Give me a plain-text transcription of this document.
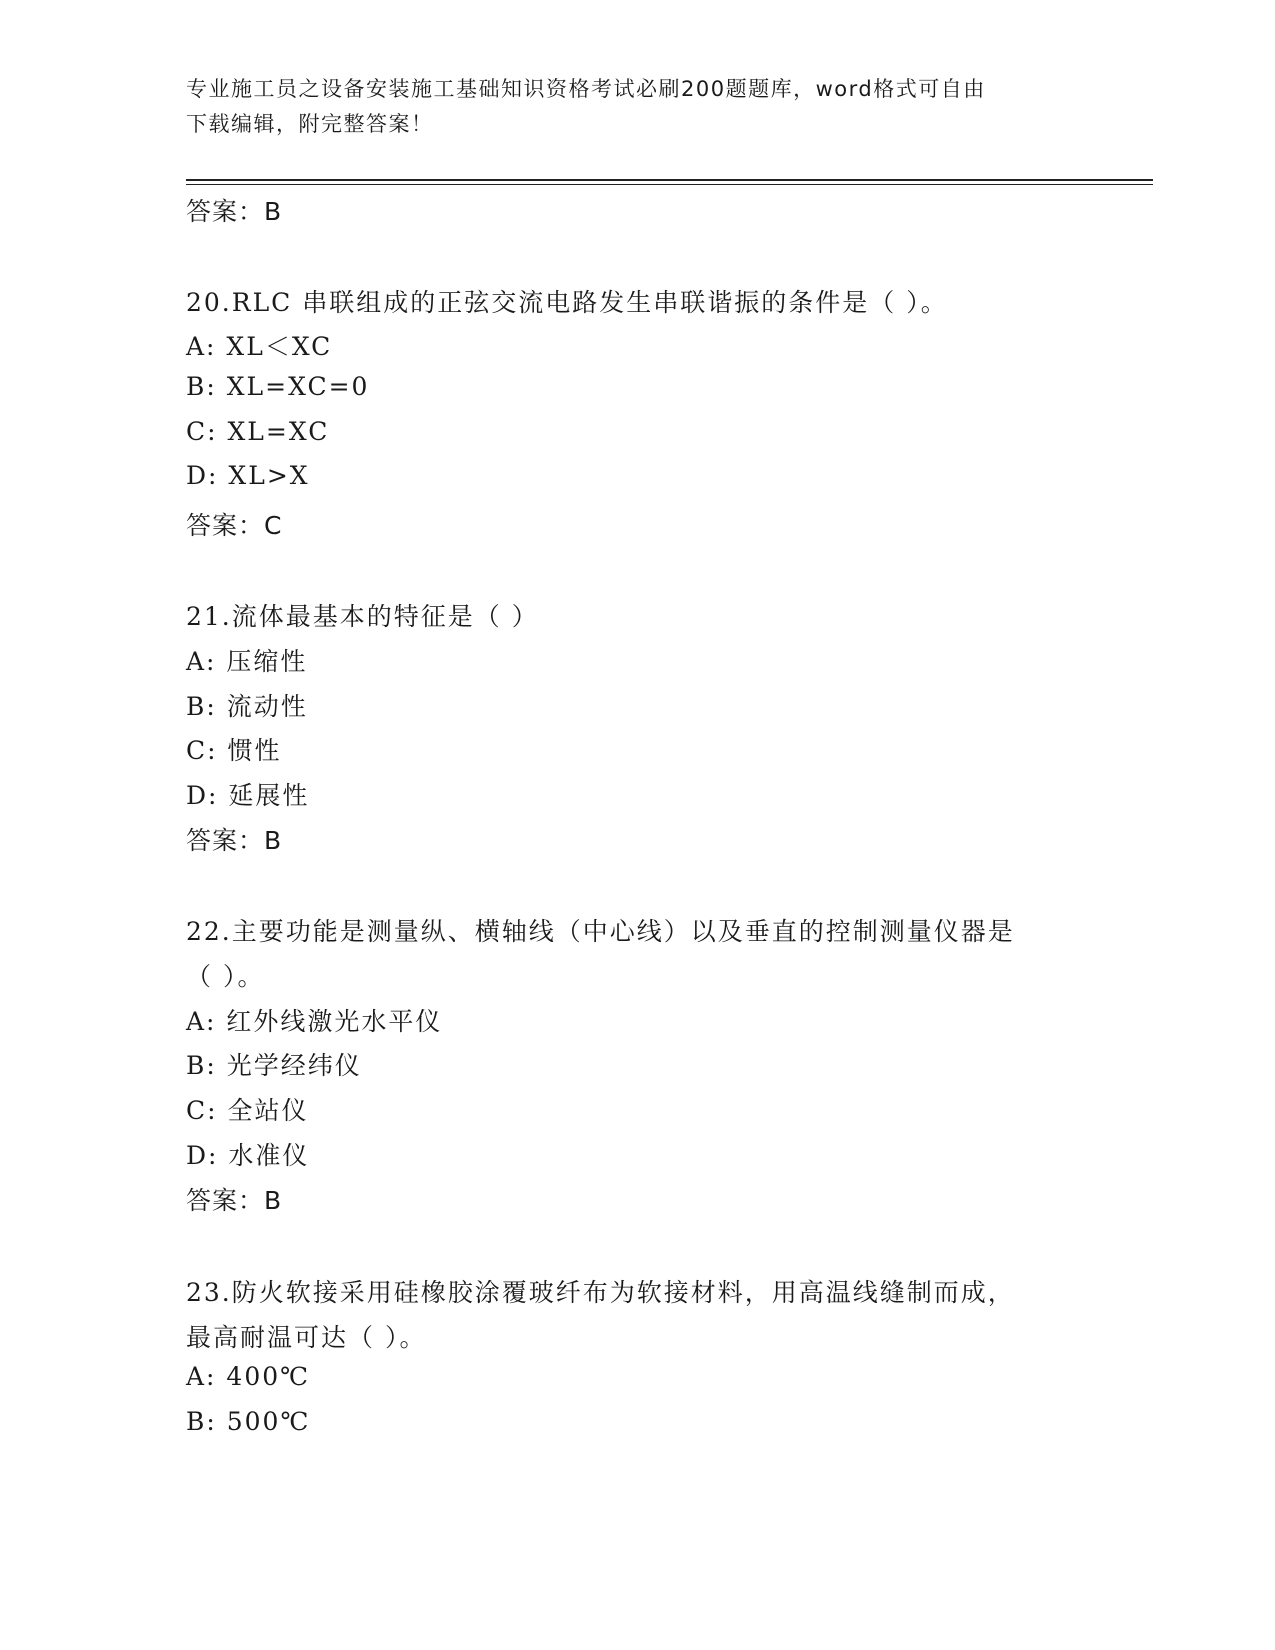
专业施工员之设备安装施工基础知识资格考试必刷200题题库，word格式可自由
下载编辑，附完整答案！
答案：B
20.RLC 串联组成的正弦交流电路发生串联谐振的条件是（ ）。
A: XL＜XC
B: XL=XC=0
C: XL=XC
D: XL>X
答案：C
21.流体最基本的特征是（ ）
A: 压缩性
B: 流动性
C: 惯性
D: 延展性
答案：B
22.主要功能是测量纵、横轴线（中心线）以及垂直的控制测量仪器是
（ ）。
A: 红外线激光水平仪
B: 光学经纬仪
C: 全站仪
D: 水准仪
答案：B
23.防火软接采用硅橡胶涂覆玻纤布为软接材料，用高温线缝制而成，
最高耐温可达（ ）。
A: 400℃
B: 500℃
